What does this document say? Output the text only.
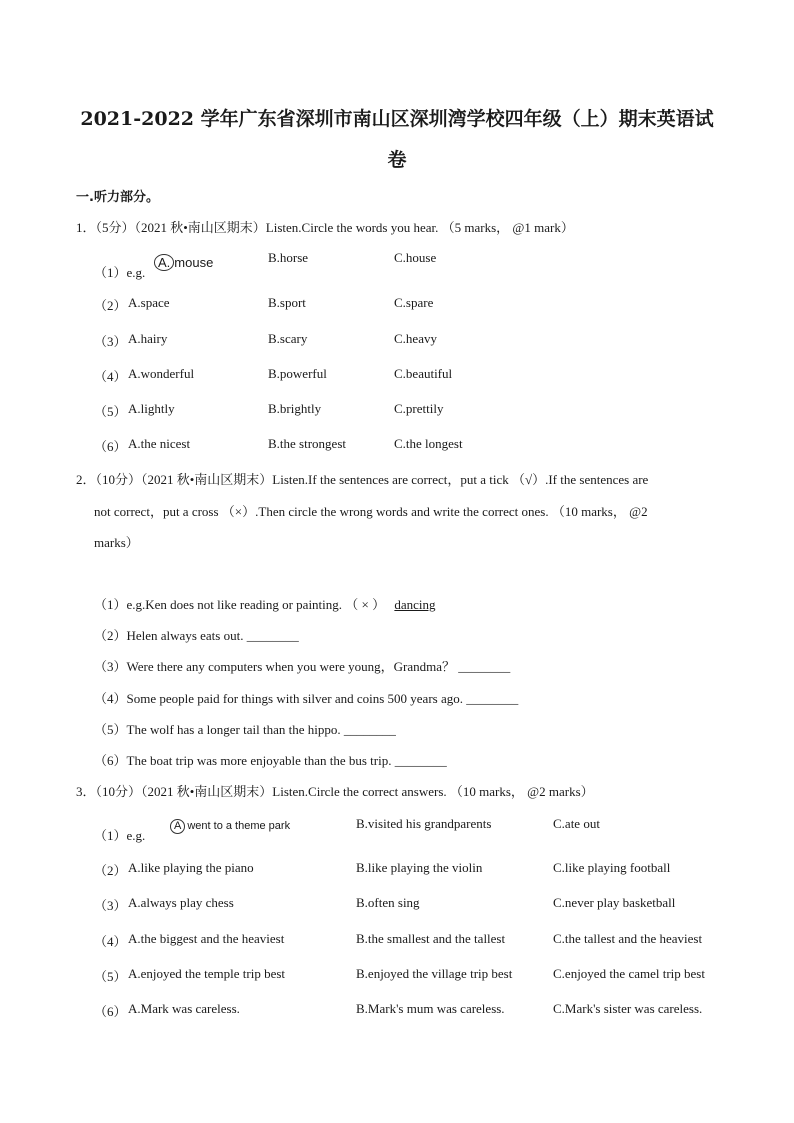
2021-2022 学年广东省深圳市南山区深圳湾学校四年级（上）期末英语试
卷
一.听力部分。
1．（5分）（2021 秋•南山区期末）Listen.Circle the words you hear. （5 marks， @1 mark）
（1）e.g.
A. mouse	B.horse	C.house
（2） A.space	B.sport	C.spare
（3） A.hairy	B.scary	C.heavy
（4） A.wonderful	B.powerful	C.beautiful
（5） A.lightly	B.brightly	C.prettily
（6） A.the nicest	B.the strongest	C.the longest
2．（10分）（2021 秋•南山区期末）Listen.If the sentences are correct，put a tick （√）.If the sentences are
not correct，put a cross （×）.Then circle the wrong words and write the correct ones. （10 marks， @2
marks）
（1）e.g.Ken does not like reading or painting. （ × ） dancing
（2）Helen always eats out. ________
（3）Were there any computers when you were young，Grandma？ ________
（4）Some people paid for things with silver and coins 500 years ago. ________
（5）The wolf has a longer tail than the hippo. ________
（6）The boat trip was more enjoyable than the bus trip. ________
3．（10分）（2021 秋•南山区期末）Listen.Circle the correct answers. （10 marks， @2 marks）
（1）e.g.
A went to a theme park	B.visited his grandparents	C.ate out
（2） A.like playing the piano	B.like playing the violin	C.like playing football
（3） A.always play chess	B.often sing	C.never play basketball
（4） A.the biggest and the heaviest	B.the smallest and the tallest	C.the tallest and the heaviest
（5） A.enjoyed the temple trip best	B.enjoyed the village trip best	C.enjoyed the camel trip best
（6） A.Mark was careless.	B.Mark's mum was careless.	C.Mark's sister was careless.
